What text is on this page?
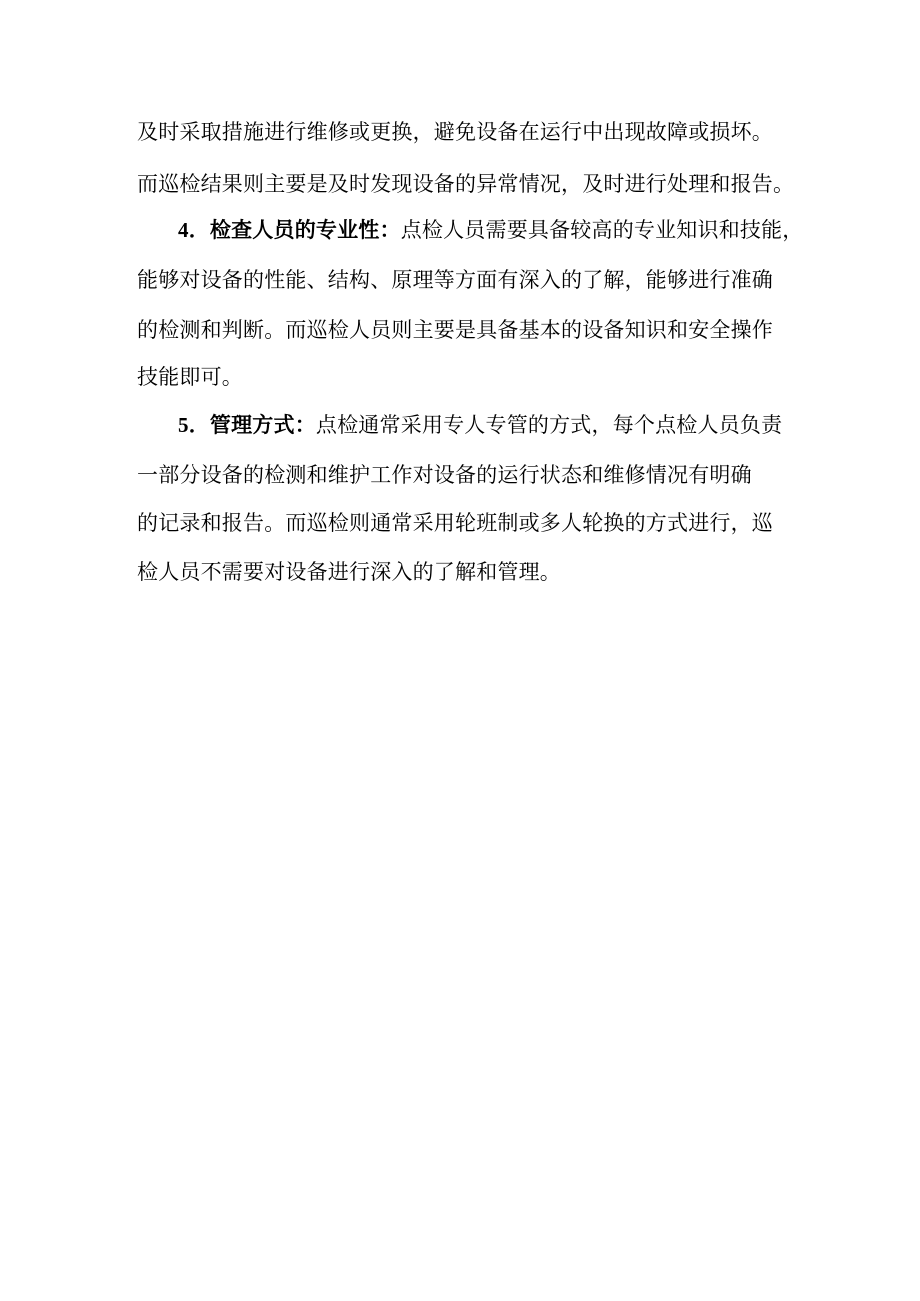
及时采取措施进行维修或更换，避免设备在运行中出现故障或损坏。
而巡检结果则主要是及时发现设备的异常情况，及时进行处理和报告。
4．检查人员的专业性：点检人员需要具备较高的专业知识和技能，
能够对设备的性能、结构、原理等方面有深入的了解，能够进行准确
的检测和判断。而巡检人员则主要是具备基本的设备知识和安全操作
技能即可。
5．管理方式：点检通常采用专人专管的方式，每个点检人员负责
一部分设备的检测和维护工作对设备的运行状态和维修情况有明确
的记录和报告。而巡检则通常采用轮班制或多人轮换的方式进行，巡
检人员不需要对设备进行深入的了解和管理。
